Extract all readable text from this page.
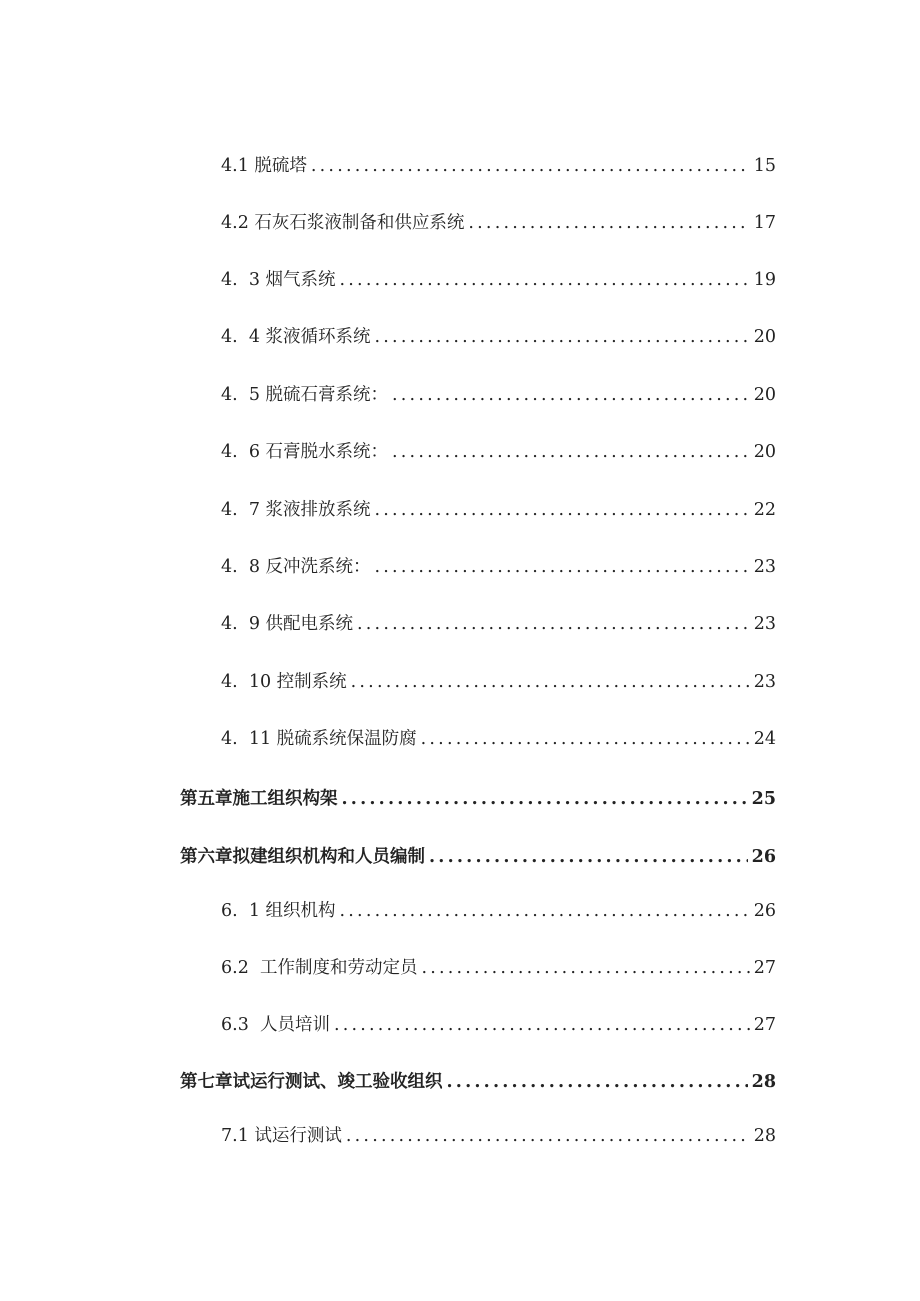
4.1 脱硫塔 .....	15
4.2 石灰石浆液制备和供应系统 .....	17
4.  3 烟气系统 .....	19
4.  4 浆液循环系统 .....	20
4.  5 脱硫石膏系统： .....	20
4.  6 石膏脱水系统： .....	20
4.  7 浆液排放系统 .....	22
4.  8 反冲洗系统： .....	23
4.  9 供配电系统 .....	23
4.  10 控制系统 .....	23
4.  11 脱硫系统保温防腐 .....	24
第五章施工组织构架 .....	25
第六章拟建组织机构和人员编制 .....	26
6.  1 组织机构 .....	26
6.2  工作制度和劳动定员 .....	27
6.3  人员培训 .....	27
第七章试运行测试、竣工验收组织 .....	28
7.1 试运行测试 .....	28
